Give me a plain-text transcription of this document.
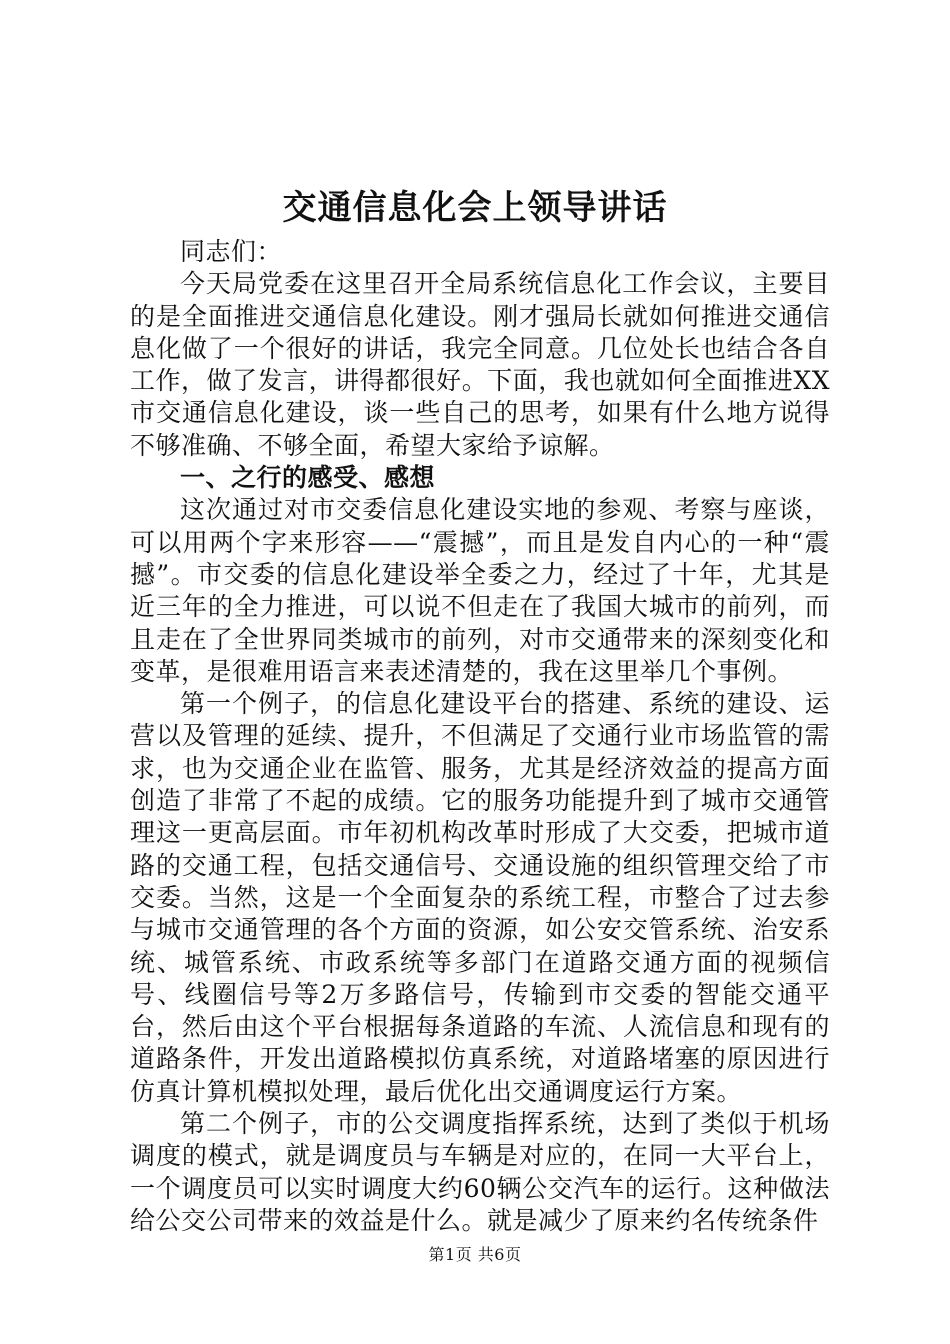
交通信息化会上领导讲话

同志们：

今天局党委在这里召开全局系统信息化工作会议，主要目的是全面推进交通信息化建设。刚才强局长就如何推进交通信息化做了一个很好的讲话，我完全同意。几位处长也结合各自工作，做了发言，讲得都很好。下面，我也就如何全面推进XX市交通信息化建设，谈一些自己的思考，如果有什么地方说得不够准确、不够全面，希望大家给予谅解。

一、之行的感受、感想

这次通过对市交委信息化建设实地的参观、考察与座谈，可以用两个字来形容——“震撼”，而且是发自内心的一种“震撼”。市交委的信息化建设举全委之力，经过了十年，尤其是近三年的全力推进，可以说不但走在了我国大城市的前列，而且走在了全世界同类城市的前列，对市交通带来的深刻变化和变革，是很难用语言来表述清楚的，我在这里举几个事例。

第一个例子，的信息化建设平台的搭建、系统的建设、运营以及管理的延续、提升，不但满足了交通行业市场监管的需求，也为交通企业在监管、服务，尤其是经济效益的提高方面创造了非常了不起的成绩。它的服务功能提升到了城市交通管理这一更高层面。市年初机构改革时形成了大交委，把城市道路的交通工程，包括交通信号、交通设施的组织管理交给了市交委。当然，这是一个全面复杂的系统工程，市整合了过去参与城市交通管理的各个方面的资源，如公安交管系统、治安系统、城管系统、市政系统等多部门在道路交通方面的视频信号、线圈信号等2万多路信号，传输到市交委的智能交通平台，然后由这个平台根据每条道路的车流、人流信息和现有的道路条件，开发出道路模拟仿真系统，对道路堵塞的原因进行仿真计算机模拟处理，最后优化出交通调度运行方案。

第二个例子，市的公交调度指挥系统，达到了类似于机场调度的模式，就是调度员与车辆是对应的，在同一大平台上，一个调度员可以实时调度大约60辆公交汽车的运行。这种做法给公交公司带来的效益是什么。就是减少了原来约名传统条件

第1页 共6页
